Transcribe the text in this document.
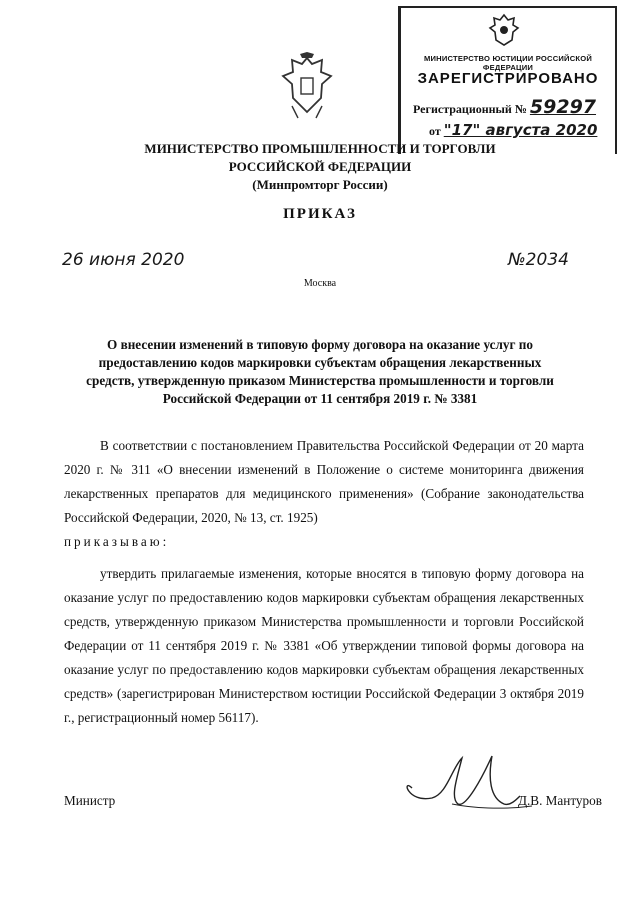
МИНИСТЕРСТВО ЮСТИЦИИ РОССИЙСКОЙ ФЕДЕРАЦИИ
ЗАРЕГИСТРИРОВАНО
Регистрационный № 59297
от "17" августа 2020
МИНИСТЕРСТВО ПРОМЫШЛЕННОСТИ И ТОРГОВЛИ
РОССИЙСКОЙ ФЕДЕРАЦИИ
(Минпромторг России)
ПРИКАЗ
26 июня 2020	№2034
Москва
О внесении изменений в типовую форму договора на оказание услуг по предоставлению кодов маркировки субъектам обращения лекарственных средств, утвержденную приказом Министерства промышленности и торговли Российской Федерации от 11 сентября 2019 г. № 3381
В соответствии с постановлением Правительства Российской Федерации от 20 марта 2020 г. № 311 «О внесении изменений в Положение о системе мониторинга движения лекарственных препаратов для медицинского применения» (Собрание законодательства Российской Федерации, 2020, № 13, ст. 1925)
приказываю:
утвердить прилагаемые изменения, которые вносятся в типовую форму договора на оказание услуг по предоставлению кодов маркировки субъектам обращения лекарственных средств, утвержденную приказом Министерства промышленности и торговли Российской Федерации от 11 сентября 2019 г. № 3381 «Об утверждении типовой формы договора на оказание услуг по предоставлению кодов маркировки субъектам обращения лекарственных средств» (зарегистрирован Министерством юстиции Российской Федерации 3 октября 2019 г., регистрационный номер 56117).
Министр	Д.В. Мантуров
